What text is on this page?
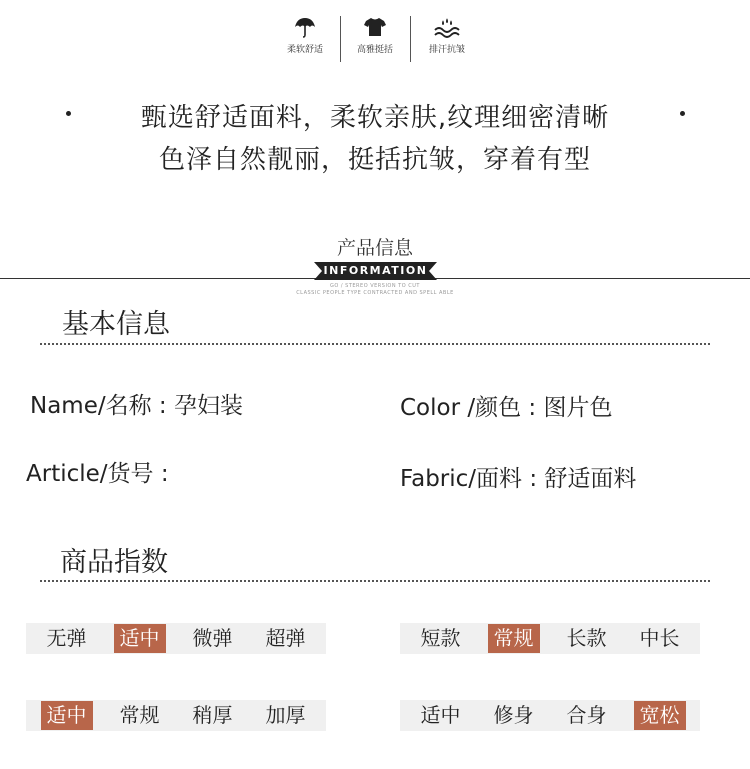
柔软舒适	高雅挺括	排汗抗皱
甄选舒适面料，柔软亲肤,纹理细密清晰
色泽自然靓丽，挺括抗皱，穿着有型
产品信息
INFORMATION
GO / STEREO VERSION TO CUT
CLASSIC PEOPLE TYPE CONTRACTED AND SPELL ABLE
基本信息
Name/名称 : 孕妇装	Color /颜色 : 图片色
Article/货号 :	Fabric/面料 : 舒适面料
商品指数
无弹	适中	微弹	超弹	短款	常规	长款	中长
适中	常规	稍厚	加厚	适中	修身	合身	宽松
